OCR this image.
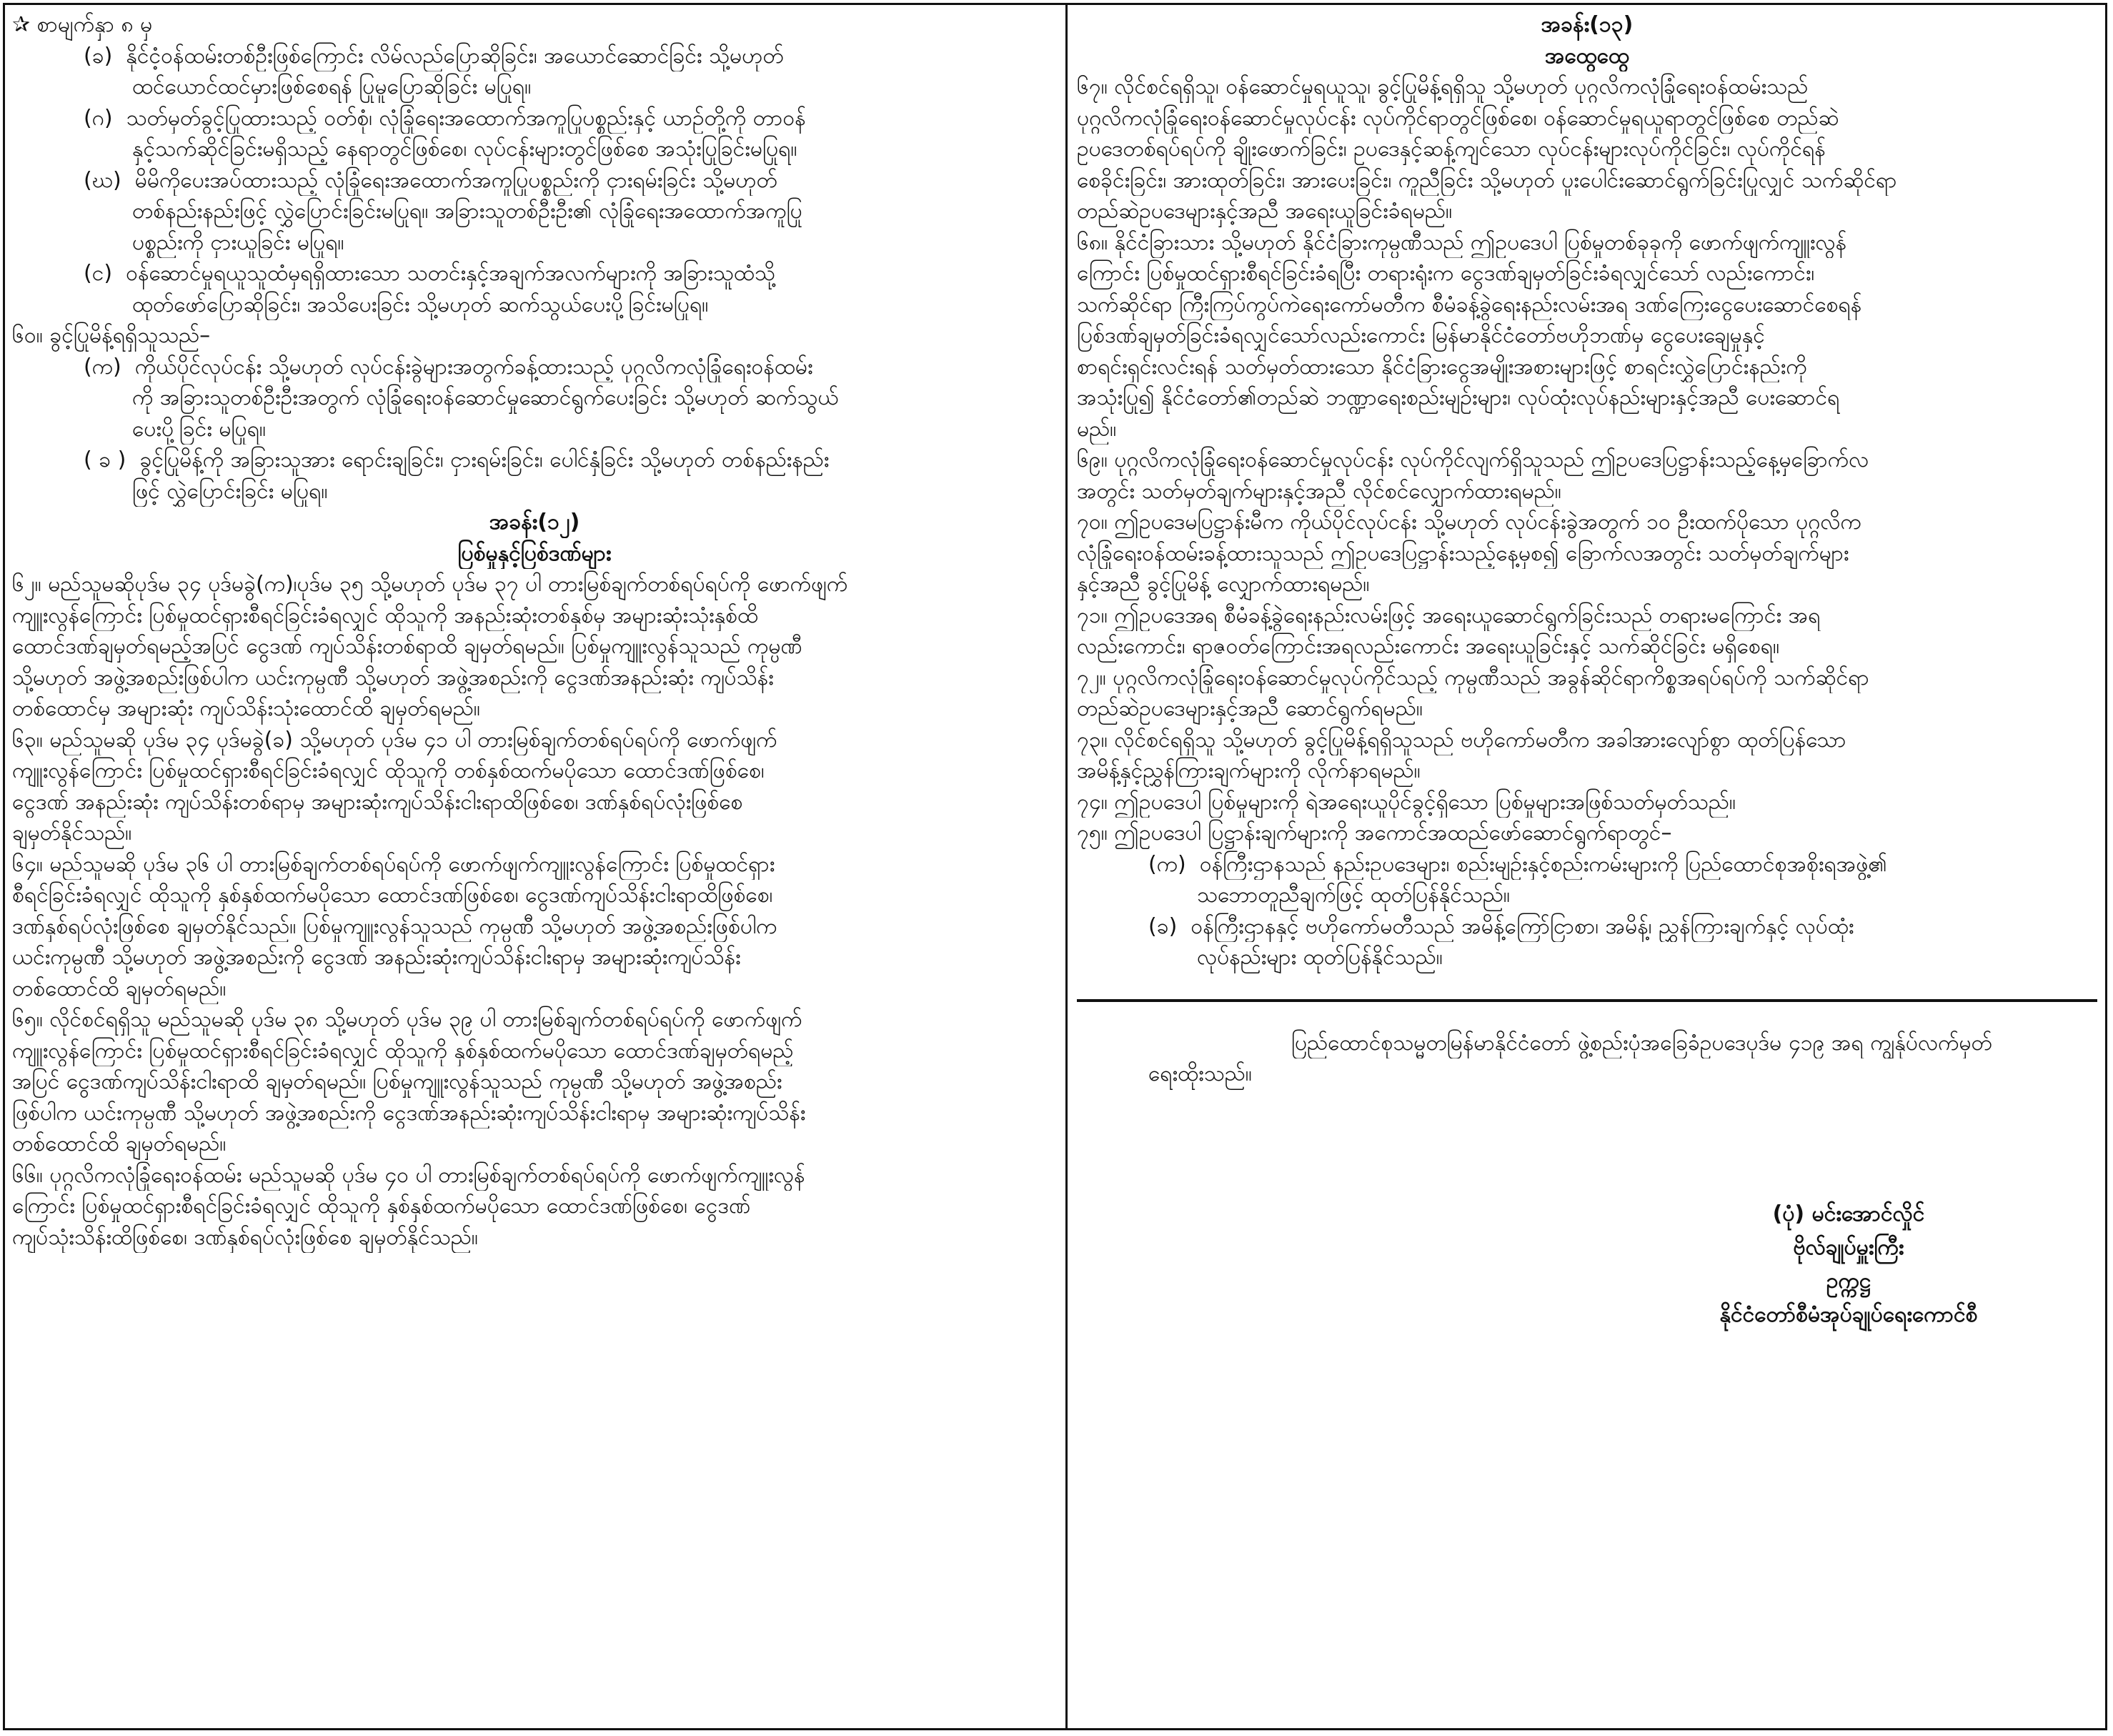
✰ စာမျက်နှာ ၈ မှ
(ခ) နိုင်ငံ့ဝန်ထမ်းတစ်ဦးဖြစ်ကြောင်း လိမ်လည်ပြောဆိုခြင်း၊ အယောင်ဆောင်ခြင်း သို့မဟုတ်
ထင်ယောင်ထင်မှားဖြစ်စေရန် ပြုမူပြောဆိုခြင်း မပြုရ။
(ဂ) သတ်မှတ်ခွင့်ပြုထားသည့် ဝတ်စုံ၊ လုံခြုံရေးအထောက်အကူပြုပစ္စည်းနှင့် ယာဉ်တို့ကို တာဝန်
နှင့်သက်ဆိုင်ခြင်းမရှိသည့် နေရာတွင်ဖြစ်စေ၊ လုပ်ငန်းများတွင်ဖြစ်စေ အသုံးပြုခြင်းမပြုရ။
(ဃ) မိမိကိုပေးအပ်ထားသည့် လုံခြုံရေးအထောက်အကူပြုပစ္စည်းကို ငှားရမ်းခြင်း သို့မဟုတ်
တစ်နည်းနည်းဖြင့် လွှဲပြောင်းခြင်းမပြုရ။ အခြားသူတစ်ဦးဦး၏ လုံခြုံရေးအထောက်အကူပြု
ပစ္စည်းကို ငှားယူခြင်း မပြုရ။
(င) ဝန်ဆောင်မှုရယူသူထံမှရရှိထားသော သတင်းနှင့်အချက်အလက်များကို အခြားသူထံသို့
ထုတ်ဖော်ပြောဆိုခြင်း၊ အသိပေးခြင်း သို့မဟုတ် ဆက်သွယ်ပေးပို့ခြင်းမပြုရ။
၆၀။ ခွင့်ပြုမိန့်ရရှိသူသည်–
(က) ကိုယ်ပိုင်လုပ်ငန်း သို့မဟုတ် လုပ်ငန်းခွဲများအတွက်ခန့်ထားသည့် ပုဂ္ဂလိကလုံခြုံရေးဝန်ထမ်း
ကို အခြားသူတစ်ဦးဦးအတွက် လုံခြုံရေးဝန်ဆောင်မှုဆောင်ရွက်ပေးခြင်း သို့မဟုတ် ဆက်သွယ်
ပေးပို့ခြင်း မပြုရ။
( ခ ) ခွင့်ပြုမိန့်ကို အခြားသူအား ရောင်းချခြင်း၊ ငှားရမ်းခြင်း၊ ပေါင်နှံခြင်း သို့မဟုတ် တစ်နည်းနည်း
ဖြင့် လွှဲပြောင်းခြင်း မပြုရ။
အခန်း(၁၂)
ပြစ်မှုနှင့်ပြစ်ဒဏ်များ
၆၂။ မည်သူမဆိုပုဒ်မ ၃၄ ပုဒ်မခွဲ(က)၊ပုဒ်မ ၃၅ သို့မဟုတ် ပုဒ်မ ၃၇ ပါ တားမြစ်ချက်တစ်ရပ်ရပ်ကို ဖောက်ဖျက်
ကျူးလွန်ကြောင်း ပြစ်မှုထင်ရှားစီရင်ခြင်းခံရလျှင် ထိုသူကို အနည်းဆုံးတစ်နှစ်မှ အများဆုံးသုံးနှစ်ထိ
ထောင်ဒဏ်ချမှတ်ရမည့်အပြင် ငွေဒဏ် ကျပ်သိန်းတစ်ရာထိ ချမှတ်ရမည်။ ပြစ်မှုကျူးလွန်သူသည် ကုမ္ပဏီ
သို့မဟုတ် အဖွဲ့အစည်းဖြစ်ပါက ယင်းကုမ္ပဏီ သို့မဟုတ် အဖွဲ့အစည်းကို ငွေဒဏ်အနည်းဆုံး ကျပ်သိန်း
တစ်ထောင်မှ အများဆုံး ကျပ်သိန်းသုံးထောင်ထိ ချမှတ်ရမည်။
၆၃။ မည်သူမဆို ပုဒ်မ ၃၄ ပုဒ်မခွဲ(ခ) သို့မဟုတ် ပုဒ်မ ၄၁ ပါ တားမြစ်ချက်တစ်ရပ်ရပ်ကို ဖောက်ဖျက်
ကျူးလွန်ကြောင်း ပြစ်မှုထင်ရှားစီရင်ခြင်းခံရလျှင် ထိုသူကို တစ်နှစ်ထက်မပိုသော ထောင်ဒဏ်ဖြစ်စေ၊
ငွေဒဏ် အနည်းဆုံး ကျပ်သိန်းတစ်ရာမှ အများဆုံးကျပ်သိန်းငါးရာထိဖြစ်စေ၊ ဒဏ်နှစ်ရပ်လုံးဖြစ်စေ
ချမှတ်နိုင်သည်။
၆၄။ မည်သူမဆို ပုဒ်မ ၃၆ ပါ တားမြစ်ချက်တစ်ရပ်ရပ်ကို ဖောက်ဖျက်ကျူးလွန်ကြောင်း ပြစ်မှုထင်ရှား
စီရင်ခြင်းခံရလျှင် ထိုသူကို နှစ်နှစ်ထက်မပိုသော ထောင်ဒဏ်ဖြစ်စေ၊ ငွေဒဏ်ကျပ်သိန်းငါးရာထိဖြစ်စေ၊
ဒဏ်နှစ်ရပ်လုံးဖြစ်စေ ချမှတ်နိုင်သည်။ ပြစ်မှုကျူးလွန်သူသည် ကုမ္ပဏီ သို့မဟုတ် အဖွဲ့အစည်းဖြစ်ပါက
ယင်းကုမ္ပဏီ သို့မဟုတ် အဖွဲ့အစည်းကို ငွေဒဏ် အနည်းဆုံးကျပ်သိန်းငါးရာမှ အများဆုံးကျပ်သိန်း
တစ်ထောင်ထိ ချမှတ်ရမည်။
၆၅။ လိုင်စင်ရရှိသူ မည်သူမဆို ပုဒ်မ ၃၈ သို့မဟုတ် ပုဒ်မ ၃၉ ပါ တားမြစ်ချက်တစ်ရပ်ရပ်ကို ဖောက်ဖျက်
ကျူးလွန်ကြောင်း ပြစ်မှုထင်ရှားစီရင်ခြင်းခံရလျှင် ထိုသူကို နှစ်နှစ်ထက်မပိုသော ထောင်ဒဏ်ချမှတ်ရမည့်
အပြင် ငွေဒဏ်ကျပ်သိန်းငါးရာထိ ချမှတ်ရမည်။ ပြစ်မှုကျူးလွန်သူသည် ကုမ္ပဏီ သို့မဟုတ် အဖွဲ့အစည်း
ဖြစ်ပါက ယင်းကုမ္ပဏီ သို့မဟုတ် အဖွဲ့အစည်းကို ငွေဒဏ်အနည်းဆုံးကျပ်သိန်းငါးရာမှ အများဆုံးကျပ်သိန်း
တစ်ထောင်ထိ ချမှတ်ရမည်။
၆၆။ ပုဂ္ဂလိကလုံခြုံရေးဝန်ထမ်း မည်သူမဆို ပုဒ်မ ၄၀ ပါ တားမြစ်ချက်တစ်ရပ်ရပ်ကို ဖောက်ဖျက်ကျူးလွန်
ကြောင်း ပြစ်မှုထင်ရှားစီရင်ခြင်းခံရလျှင် ထိုသူကို နှစ်နှစ်ထက်မပိုသော ထောင်ဒဏ်ဖြစ်စေ၊ ငွေဒဏ်
ကျပ်သုံးသိန်းထိဖြစ်စေ၊ ဒဏ်နှစ်ရပ်လုံးဖြစ်စေ ချမှတ်နိုင်သည်။
အခန်း(၁၃)
အထွေထွေ
၆၇။ လိုင်စင်ရရှိသူ၊ ဝန်ဆောင်မှုရယူသူ၊ ခွင့်ပြုမိန့်ရရှိသူ သို့မဟုတ် ပုဂ္ဂလိကလုံခြုံရေးဝန်ထမ်းသည်
ပုဂ္ဂလိကလုံခြုံရေးဝန်ဆောင်မှုလုပ်ငန်း လုပ်ကိုင်ရာတွင်ဖြစ်စေ၊ ဝန်ဆောင်မှုရယူရာတွင်ဖြစ်စေ တည်ဆဲ
ဥပဒေတစ်ရပ်ရပ်ကို ချိုးဖောက်ခြင်း၊ ဥပဒေနှင့်ဆန့်ကျင်သော လုပ်ငန်းများလုပ်ကိုင်ခြင်း၊ လုပ်ကိုင်ရန်
စေခိုင်းခြင်း၊ အားထုတ်ခြင်း၊ အားပေးခြင်း၊ ကူညီခြင်း သို့မဟုတ် ပူးပေါင်းဆောင်ရွက်ခြင်းပြုလျှင် သက်ဆိုင်ရာ
တည်ဆဲဥပဒေများနှင့်အညီ အရေးယူခြင်းခံရမည်။
၆၈။ နိုင်ငံခြားသား သို့မဟုတ် နိုင်ငံခြားကုမ္ပဏီသည် ဤဥပဒေပါ ပြစ်မှုတစ်ခုခုကို ဖောက်ဖျက်ကျူးလွန်
ကြောင်း ပြစ်မှုထင်ရှားစီရင်ခြင်းခံရပြီး တရားရုံးက ငွေဒဏ်ချမှတ်ခြင်းခံရလျှင်သော် လည်းကောင်း၊
သက်ဆိုင်ရာ ကြီးကြပ်ကွပ်ကဲရေးကော်မတီက စီမံခန့်ခွဲရေးနည်းလမ်းအရ ဒဏ်ကြေးငွေပေးဆောင်စေရန်
ပြစ်ဒဏ်ချမှတ်ခြင်းခံရလျှင်သော်လည်းကောင်း မြန်မာနိုင်ငံတော်ဗဟိုဘဏ်မှ ငွေပေးချေမှုနှင့်
စာရင်းရှင်းလင်းရန် သတ်မှတ်ထားသော နိုင်ငံခြားငွေအမျိုးအစားများဖြင့် စာရင်းလွှဲပြောင်းနည်းကို
အသုံးပြု၍ နိုင်ငံတော်၏တည်ဆဲ ဘဏ္ဍာရေးစည်းမျဉ်းများ၊ လုပ်ထုံးလုပ်နည်းများနှင့်အညီ ပေးဆောင်ရ
မည်။
၆၉။ ပုဂ္ဂလိကလုံခြုံရေးဝန်ဆောင်မှုလုပ်ငန်း လုပ်ကိုင်လျက်ရှိသူသည် ဤဥပဒေပြဋ္ဌာန်းသည့်နေ့မှခြောက်လ
အတွင်း သတ်မှတ်ချက်များနှင့်အညီ လိုင်စင်လျှောက်ထားရမည်။
၇၀။ ဤဥပဒေမပြဋ္ဌာန်းမီက ကိုယ်ပိုင်လုပ်ငန်း သို့မဟုတ် လုပ်ငန်းခွဲအတွက် ၁၀ ဦးထက်ပိုသော ပုဂ္ဂလိက
လုံခြုံရေးဝန်ထမ်းခန့်ထားသူသည် ဤဥပဒေပြဋ္ဌာန်းသည့်နေ့မှစ၍ ခြောက်လအတွင်း သတ်မှတ်ချက်များ
နှင့်အညီ ခွင့်ပြုမိန့် လျှောက်ထားရမည်။
၇၁။ ဤဥပဒေအရ စီမံခန့်ခွဲရေးနည်းလမ်းဖြင့် အရေးယူဆောင်ရွက်ခြင်းသည် တရားမကြောင်း အရ
လည်းကောင်း၊ ရာဇဝတ်ကြောင်းအရလည်းကောင်း အရေးယူခြင်းနှင့် သက်ဆိုင်ခြင်း မရှိစေရ။
၇၂။ ပုဂ္ဂလိကလုံခြုံရေးဝန်ဆောင်မှုလုပ်ကိုင်သည့် ကုမ္ပဏီသည် အခွန်ဆိုင်ရာကိစ္စအရပ်ရပ်ကို သက်ဆိုင်ရာ
တည်ဆဲဥပဒေများနှင့်အညီ ဆောင်ရွက်ရမည်။
၇၃။ လိုင်စင်ရရှိသူ သို့မဟုတ် ခွင့်ပြုမိန့်ရရှိသူသည် ဗဟိုကော်မတီက အခါအားလျော်စွာ ထုတ်ပြန်သော
အမိန့်နှင့်ညွှန်ကြားချက်များကို လိုက်နာရမည်။
၇၄။ ဤဥပဒေပါ ပြစ်မှုများကို ရဲအရေးယူပိုင်ခွင့်ရှိသော ပြစ်မှုများအဖြစ်သတ်မှတ်သည်။
၇၅။ ဤဥပဒေပါ ပြဋ္ဌာန်းချက်များကို အကောင်အထည်ဖော်ဆောင်ရွက်ရာတွင်–
(က) ဝန်ကြီးဌာနသည် နည်းဥပဒေများ၊ စည်းမျဉ်းနှင့်စည်းကမ်းများကို ပြည်ထောင်စုအစိုးရအဖွဲ့၏
သဘောတူညီချက်ဖြင့် ထုတ်ပြန်နိုင်သည်။
(ခ) ဝန်ကြီးဌာနနှင့် ဗဟိုကော်မတီသည် အမိန့်ကြော်ငြာစာ၊ အမိန့်၊ ညွှန်ကြားချက်နှင့် လုပ်ထုံး
လုပ်နည်းများ ထုတ်ပြန်နိုင်သည်။
ပြည်ထောင်စုသမ္မတမြန်မာနိုင်ငံတော် ဖွဲ့စည်းပုံအခြေခံဥပဒေပုဒ်မ ၄၁၉ အရ ကျွန်ုပ်လက်မှတ်
ရေးထိုးသည်။
(ပုံ) မင်းအောင်လှိုင်
ဗိုလ်ချုပ်မှူးကြီး
ဥက္ကဋ္ဌ
နိုင်ငံတော်စီမံအုပ်ချုပ်ရေးကောင်စီ
